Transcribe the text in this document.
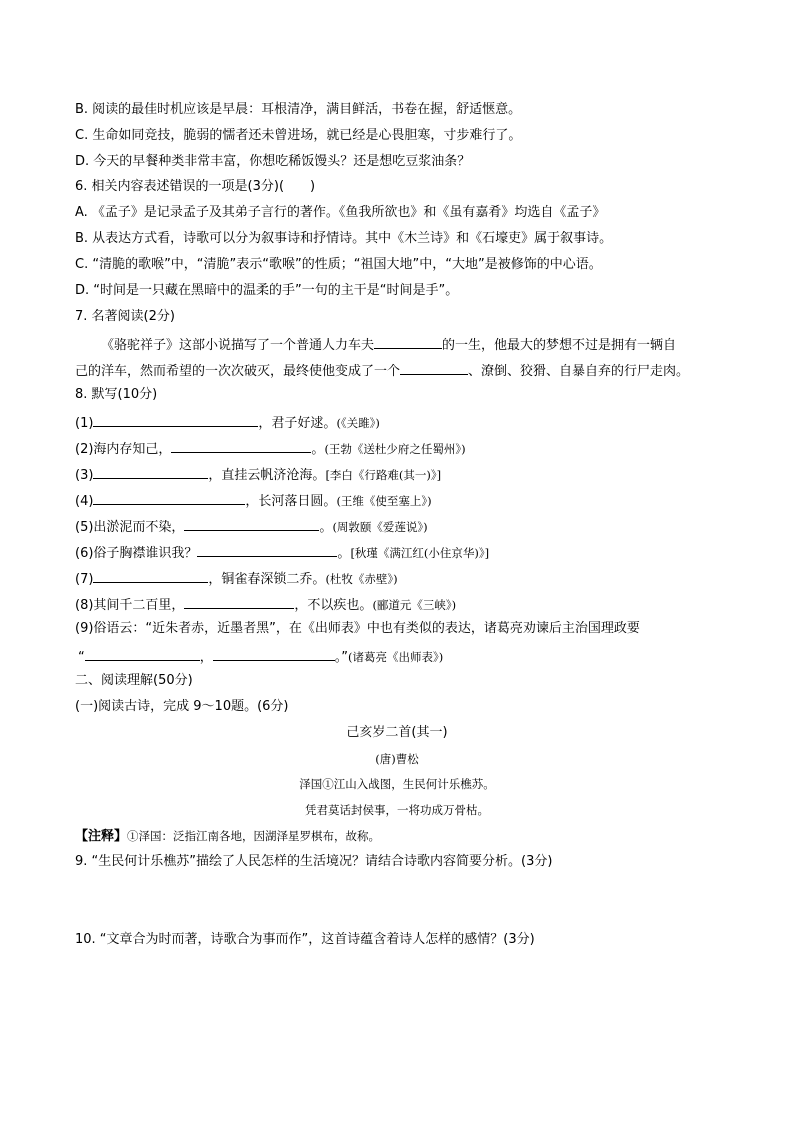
B. 阅读的最佳时机应该是早晨：耳根清净，满目鲜活，书卷在握，舒适惬意。
C. 生命如同竞技，脆弱的懦者还未曾进场，就已经是心畏胆寒，寸步难行了。
D. 今天的早餐种类非常丰富，你想吃稀饭馒头？还是想吃豆浆油条？
6. 相关内容表述错误的一项是(3分)(　　)
A. 《孟子》是记录孟子及其弟子言行的著作。《鱼我所欲也》和《虽有嘉肴》均选自《孟子》
B. 从表达方式看，诗歌可以分为叙事诗和抒情诗。其中《木兰诗》和《石壕吏》属于叙事诗。
C. “清脆的歌喉”中，“清脆”表示“歌喉”的性质；“祖国大地”中，“大地”是被修饰的中心语。
D. “时间是一只藏在黑暗中的温柔的手”一句的主干是“时间是手”。
7. 名著阅读(2分)
《骆驼祥子》这部小说描写了一个普通人力车夫	的一生，他最大的梦想不过是拥有一辆自
己的洋车，然而希望的一次次破灭，最终使他变成了一个	、潦倒、狡猾、自暴自弃的行尸走肉。
8. 默写(10分)
(1)	，君子好逑。(《关雎》)
(2)海内存知己，	。(王勃《送杜少府之任蜀州》)
(3)	，直挂云帆济沧海。[李白《行路难(其一)》]
(4)	，长河落日圆。(王维《使至塞上》)
(5)出淤泥而不染，	。(周敦颐《爱莲说》)
(6)俗子胸襟谁识我？	。[秋瑾《满江红(小住京华)》]
(7)	，铜雀春深锁二乔。(杜牧《赤壁》)
(8)其间千二百里，	，不以疾也。(郦道元《三峡》)
(9)俗语云：“近朱者赤，近墨者黑”，在《出师表》中也有类似的表达，诸葛亮劝谏后主治国理政要
“	，	。”(诸葛亮《出师表》)
二、阅读理解(50分)
(一)阅读古诗，完成 9～10题。(6分)
己亥岁二首(其一)
(唐)曹松
泽国①江山入战图，生民何计乐樵苏。
凭君莫话封侯事，一将功成万骨枯。
【注释】①泽国：泛指江南各地，因湖泽星罗棋布，故称。
9. “生民何计乐樵苏”描绘了人民怎样的生活境况？请结合诗歌内容简要分析。(3分)
10. “文章合为时而著，诗歌合为事而作”，这首诗蕴含着诗人怎样的感情？(3分)
